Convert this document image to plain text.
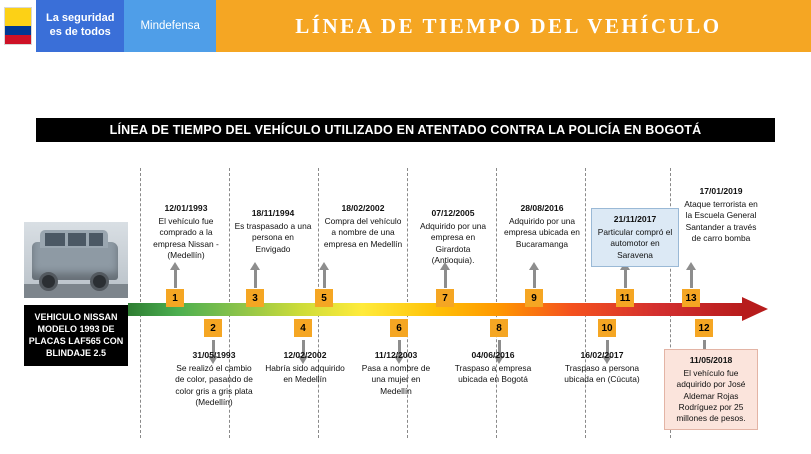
La seguridad
es de todos	Mindefensa	LÍNEA DE TIEMPO DEL VEHÍCULO
LÍNEA DE TIEMPO DEL VEHÍCULO UTILIZADO EN ATENTADO CONTRA LA POLICÍA EN BOGOTÁ
VEHICULO NISSAN MODELO 1993 DE PLACAS LAF565 CON BLINDAJE 2.5
1
12/01/1993
El vehículo fue comprado a la empresa Nissan - (Medellín)
2
31/05/1993
Se realizó el cambio de color, pasando de color gris a gris plata (Medellín)
3
18/11/1994
Es traspasado a una persona en Envigado
4
12/02/2002
Habría sido adquirido en Medellín
5
18/02/2002
Compra del vehículo a nombre de una empresa en Medellín
6
11/12/2003
Pasa a nombre de una mujer en Medellín
7
07/12/2005
Adquirido por una empresa en Girardota (Antioquia).
8
04/06/2016
Traspaso a empresa ubicada en Bogotá
9
28/08/2016
Adquirido por una empresa ubicada en Bucaramanga
10
16/02/2017
Traspaso a persona ubicada en (Cúcuta)
11
21/11/2017
Particular compró el automotor en Saravena
12
11/05/2018
El vehículo fue adquirido por José Aldemar Rojas Rodríguez por 25 millones de pesos.
13
17/01/2019
Ataque terrorista en la Escuela General Santander a través de carro bomba
